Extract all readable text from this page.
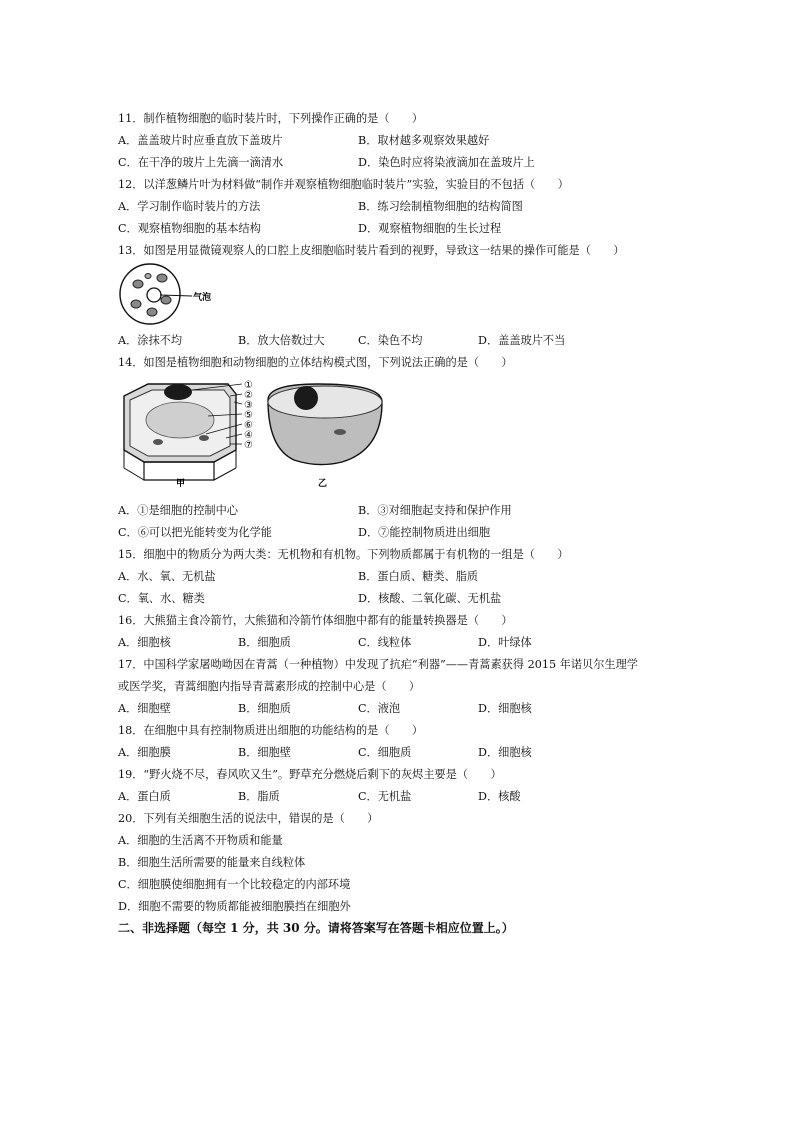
11．制作植物细胞的临时装片时，下列操作正确的是（　　）
A．盖盖玻片时应垂直放下盖玻片	B．取材越多观察效果越好
C．在干净的玻片上先滴一滴清水	D．染色时应将染液滴加在盖玻片上
12．以洋葱鳞片叶为材料做“制作并观察植物细胞临时装片”实验，实验目的不包括（　　）
A．学习制作临时装片的方法	B．练习绘制植物细胞的结构简图
C．观察植物细胞的基本结构	D．观察植物细胞的生长过程
13．如图是用显微镜观察人的口腔上皮细胞临时装片看到的视野，导致这一结果的操作可能是（　　）
气泡
A．涂抹不均	B．放大倍数过大	C．染色不均	D．盖盖玻片不当
14．如图是植物细胞和动物细胞的立体结构模式图，下列说法正确的是（　　）
①
②
③
⑤
⑥
④
⑦
甲	乙
A．①是细胞的控制中心	B．③对细胞起支持和保护作用
C．⑥可以把光能转变为化学能	D．⑦能控制物质进出细胞
15．细胞中的物质分为两大类：无机物和有机物。下列物质都属于有机物的一组是（　　）
A．水、氧、无机盐	B．蛋白质、糖类、脂质
C．氧、水、糖类	D．核酸、二氧化碳、无机盐
16．大熊猫主食冷箭竹，大熊猫和冷箭竹体细胞中都有的能量转换器是（　　）
A．细胞核	B．细胞质	C．线粒体	D．叶绿体
17．中国科学家屠呦呦因在青蒿（一种植物）中发现了抗疟“利器”——青蒿素获得 2015 年诺贝尔生理学
或医学奖，青蒿细胞内指导青蒿素形成的控制中心是（　　）
A．细胞壁	B．细胞质	C．液泡	D．细胞核
18．在细胞中具有控制物质进出细胞的功能结构的是（　　）
A．细胞膜	B．细胞壁	C．细胞质	D．细胞核
19．“野火烧不尽，春风吹又生”。野草充分燃烧后剩下的灰烬主要是（　　）
A．蛋白质	B．脂质	C．无机盐	D．核酸
20．下列有关细胞生活的说法中，错误的是（　　）
A．细胞的生活离不开物质和能量
B．细胞生活所需要的能量来自线粒体
C．细胞膜使细胞拥有一个比较稳定的内部环境
D．细胞不需要的物质都能被细胞膜挡在细胞外
二、非选择题（每空 1 分，共 30 分。请将答案写在答题卡相应位置上。）
